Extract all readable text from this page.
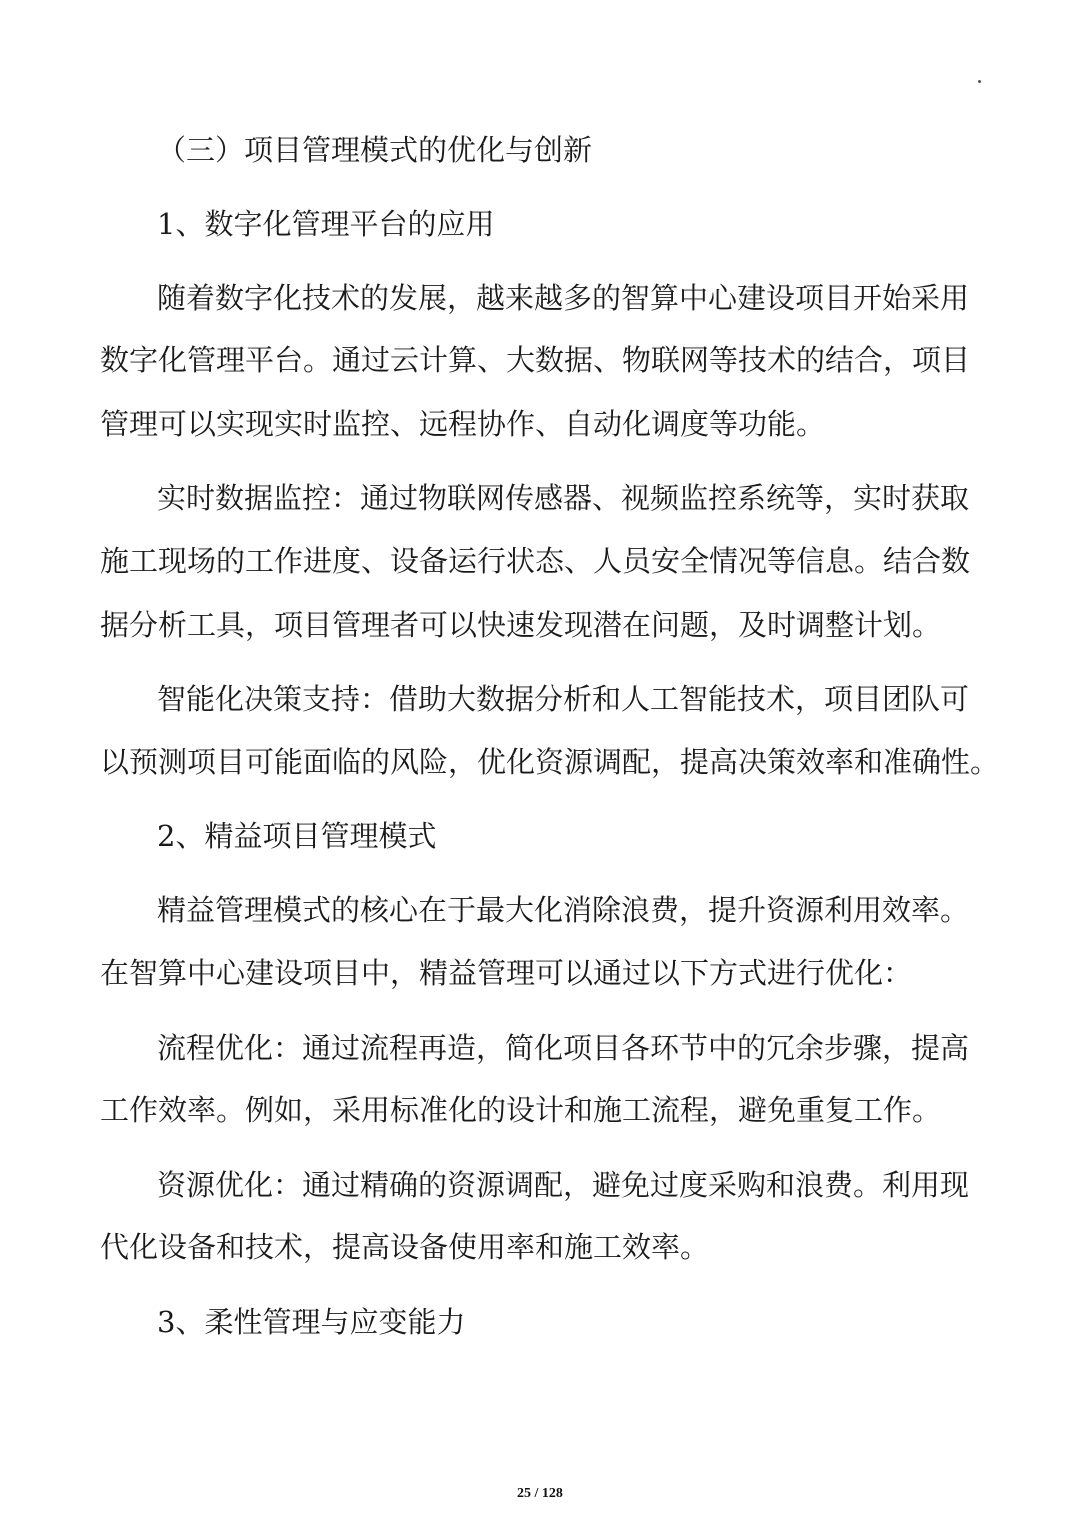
（三）项目管理模式的优化与创新
1、数字化管理平台的应用
随着数字化技术的发展，越来越多的智算中心建设项目开始采用
数字化管理平台。通过云计算、大数据、物联网等技术的结合，项目
管理可以实现实时监控、远程协作、自动化调度等功能。
实时数据监控：通过物联网传感器、视频监控系统等，实时获取
施工现场的工作进度、设备运行状态、人员安全情况等信息。结合数
据分析工具，项目管理者可以快速发现潜在问题，及时调整计划。
智能化决策支持：借助大数据分析和人工智能技术，项目团队可
以预测项目可能面临的风险，优化资源调配，提高决策效率和准确性。
2、精益项目管理模式
精益管理模式的核心在于最大化消除浪费，提升资源利用效率。
在智算中心建设项目中，精益管理可以通过以下方式进行优化：
流程优化：通过流程再造，简化项目各环节中的冗余步骤，提高
工作效率。例如，采用标准化的设计和施工流程，避免重复工作。
资源优化：通过精确的资源调配，避免过度采购和浪费。利用现
代化设备和技术，提高设备使用率和施工效率。
3、柔性管理与应变能力
25 / 128
